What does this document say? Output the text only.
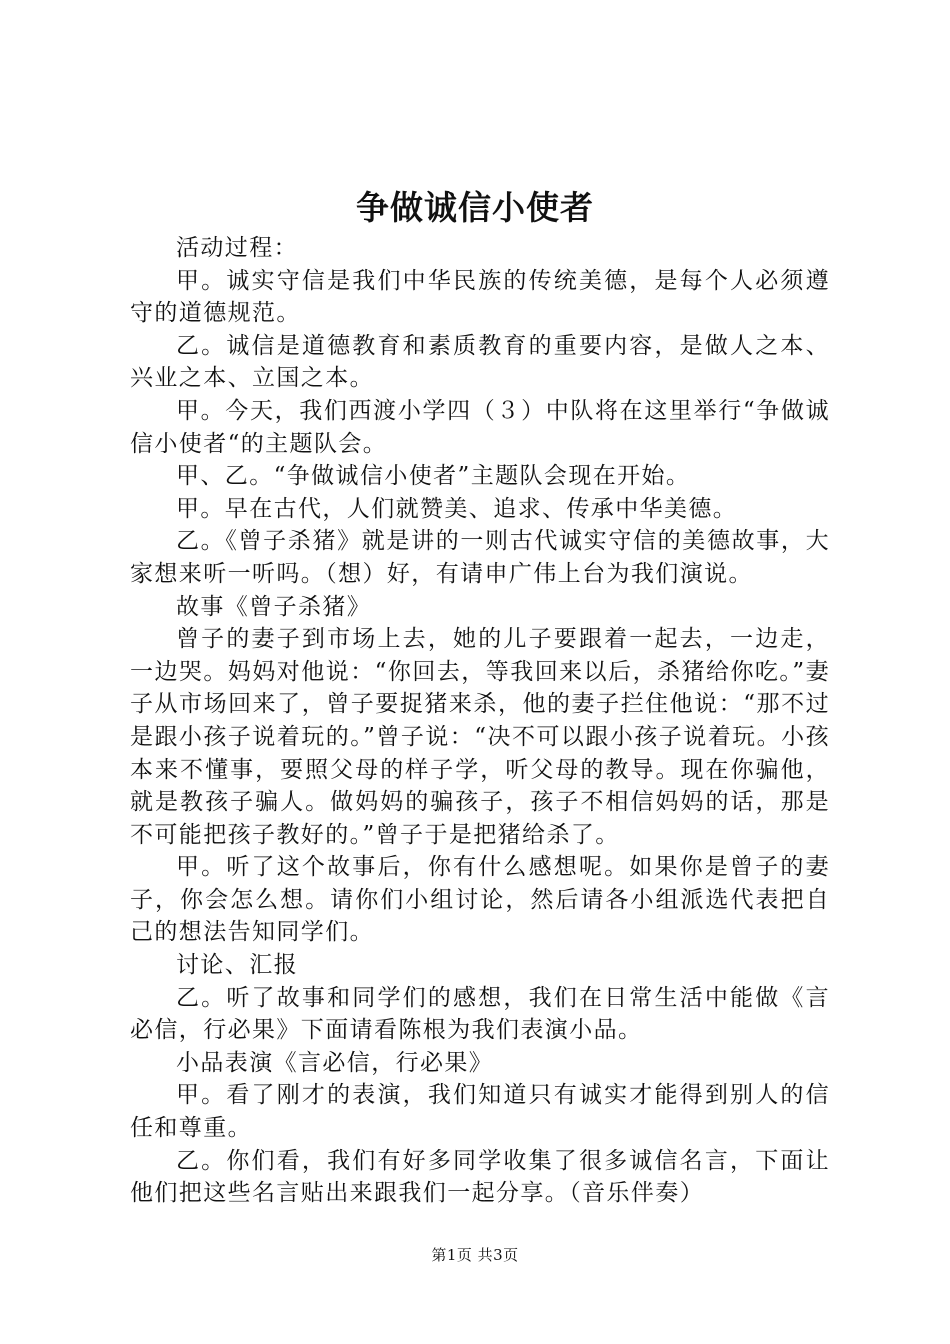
争做诚信小使者

活动过程：

甲。诚实守信是我们中华民族的传统美德，是每个人必须遵守的道德规范。

乙。诚信是道德教育和素质教育的重要内容，是做人之本、兴业之本、立国之本。

甲。今天，我们西渡小学四（３）中队将在这里举行“争做诚信小使者“的主题队会。

甲、乙。“争做诚信小使者”主题队会现在开始。

甲。早在古代，人们就赞美、追求、传承中华美德。

乙。《曾子杀猪》就是讲的一则古代诚实守信的美德故事，大家想来听一听吗。（想）好，有请申广伟上台为我们演说。

故事《曾子杀猪》

曾子的妻子到市场上去，她的儿子要跟着一起去，一边走，一边哭。妈妈对他说：“你回去，等我回来以后，杀猪给你吃。”妻子从市场回来了，曾子要捉猪来杀，他的妻子拦住他说：“那不过是跟小孩子说着玩的。”曾子说：“决不可以跟小孩子说着玩。小孩本来不懂事，要照父母的样子学，听父母的教导。现在你骗他，就是教孩子骗人。做妈妈的骗孩子，孩子不相信妈妈的话，那是不可能把孩子教好的。”曾子于是把猪给杀了。

甲。听了这个故事后，你有什么感想呢。如果你是曾子的妻子，你会怎么想。请你们小组讨论，然后请各小组派选代表把自己的想法告知同学们。

讨论、汇报

乙。听了故事和同学们的感想，我们在日常生活中能做《言必信，行必果》下面请看陈根为我们表演小品。

小品表演《言必信，行必果》

甲。看了刚才的表演，我们知道只有诚实才能得到别人的信任和尊重。

乙。你们看，我们有好多同学收集了很多诚信名言，下面让他们把这些名言贴出来跟我们一起分享。（音乐伴奏）

第1页 共3页
